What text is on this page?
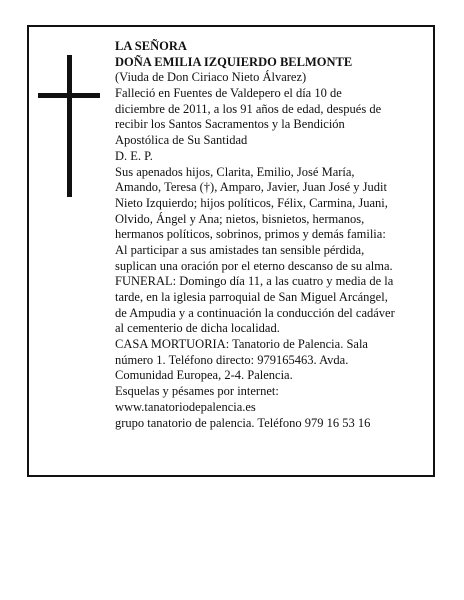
LA SEÑORA
DOÑA EMILIA IZQUIERDO BELMONTE
(Viuda de Don Ciriaco Nieto Álvarez)
Falleció en Fuentes de Valdepero el día 10 de
diciembre de 2011, a los 91 años de edad, después de
recibir los Santos Sacramentos y la Bendición
Apostólica de Su Santidad
D. E. P.
Sus apenados hijos, Clarita, Emilio, José María,
Amando, Teresa (†), Amparo, Javier, Juan José y Judit
Nieto Izquierdo; hijos políticos, Félix, Carmina, Juani,
Olvido, Ángel y Ana; nietos, bisnietos, hermanos,
hermanos políticos, sobrinos, primos y demás familia:
Al participar a sus amistades tan sensible pérdida,
suplican una oración por el eterno descanso de su alma.
FUNERAL: Domingo día 11, a las cuatro y media de la
tarde, en la iglesia parroquial de San Miguel Arcángel,
de Ampudia y a continuación la conducción del cadáver
al cementerio de dicha localidad.
CASA MORTUORIA: Tanatorio de Palencia. Sala
número 1. Teléfono directo: 979165463. Avda.
Comunidad Europea, 2-4. Palencia.
Esquelas y pésames por internet:
www.tanatoriodepalencia.es
grupo tanatorio de palencia. Teléfono 979 16 53 16
